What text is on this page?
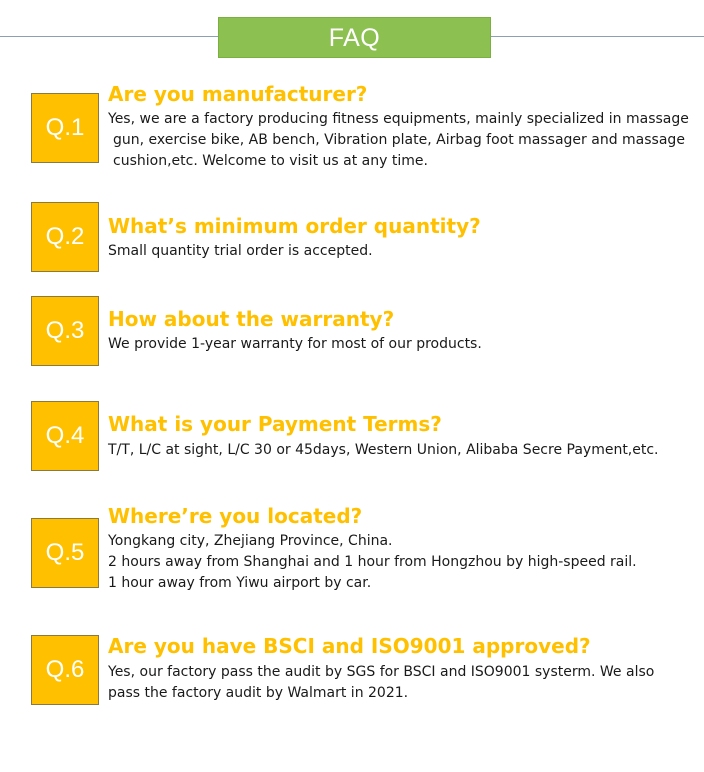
FAQ
Q.1
Are you manufacturer?
Yes, we are a factory producing fitness equipments, mainly specialized in massage
gun, exercise bike, AB bench, Vibration plate, Airbag foot massager and massage
cushion,etc. Welcome to visit us at any time.
Q.2	What’s minimum order quantity?
Small quantity trial order is accepted.
Q.3	How about the warranty?
We provide 1-year warranty for most of our products.
Q.4	What is your Payment Terms?
T/T, L/C at sight, L/C 30 or 45days, Western Union, Alibaba Secre Payment,etc.
Q.5
Where’re you located?
Yongkang city, Zhejiang Province, China.
2 hours away from Shanghai and 1 hour from Hongzhou by high-speed rail.
1 hour away from Yiwu airport by car.
Q.6
Are you have BSCI and ISO9001 approved?
Yes, our factory pass the audit by SGS for BSCI and ISO9001 systerm. We also
pass the factory audit by Walmart in 2021.
